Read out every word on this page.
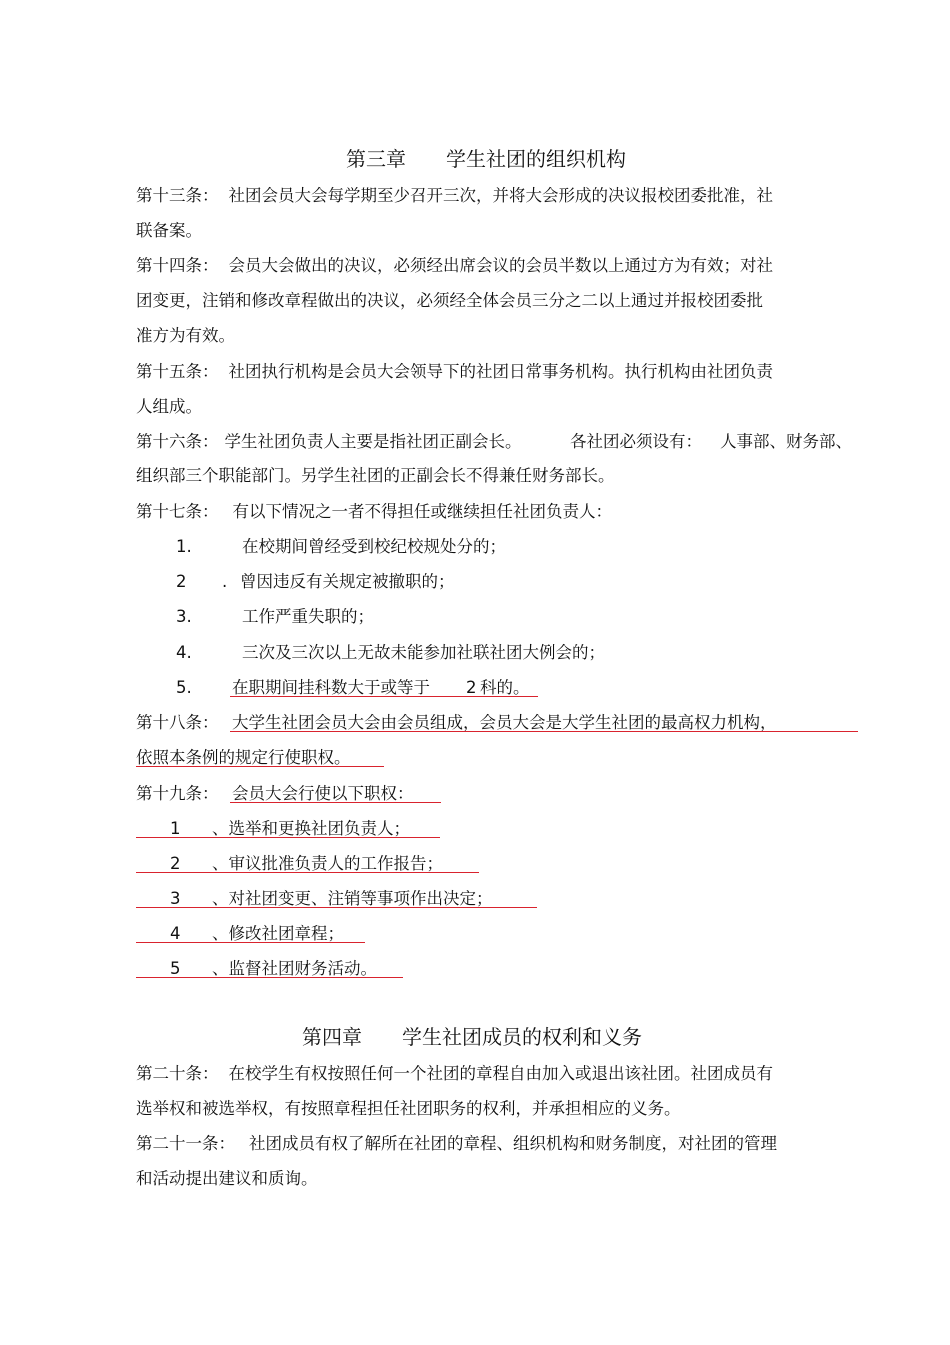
第三章 学生社团的组织机构
第十三条： 社团会员大会每学期至少召开三次，并将大会形成的决议报校团委批准，社
联备案。
第十四条： 会员大会做出的决议，必须经出席会议的会员半数以上通过方为有效；对社
团变更，注销和修改章程做出的决议，必须经全体会员三分之二以上通过并报校团委批
准方为有效。
第十五条： 社团执行机构是会员大会领导下的社团日常事务机构。执行机构由社团负责
人组成。
第十六条： 学生社团负责人主要是指社团正副会长。	各社团必须设有： 人事部、财务部、
组织部三个职能部门。另学生社团的正副会长不得兼任财务部长。
第十七条： 有以下情况之一者不得担任或继续担任社团负责人：
1.	在校期间曾经受到校纪校规处分的；
2 . 曾因违反有关规定被撤职的；
3.	工作严重失职的；
4.	三次及三次以上无故未能参加社联社团大例会的；
5. 在职期间挂科数大于或等于 2 科的。
第十八条： 大学生社团会员大会由会员组成，会员大会是大学生社团的最高权力机构，
依照本条例的规定行使职权。
第十九条： 会员大会行使以下职权：
1 、选举和更换社团负责人；
2 、审议批准负责人的工作报告；
3 、对社团变更、注销等事项作出决定；
4 、修改社团章程；
5 、监督社团财务活动。
第四章 学生社团成员的权利和义务
第二十条： 在校学生有权按照任何一个社团的章程自由加入或退出该社团。社团成员有
选举权和被选举权，有按照章程担任社团职务的权利，并承担相应的义务。
第二十一条： 社团成员有权了解所在社团的章程、组织机构和财务制度，对社团的管理
和活动提出建议和质询。
